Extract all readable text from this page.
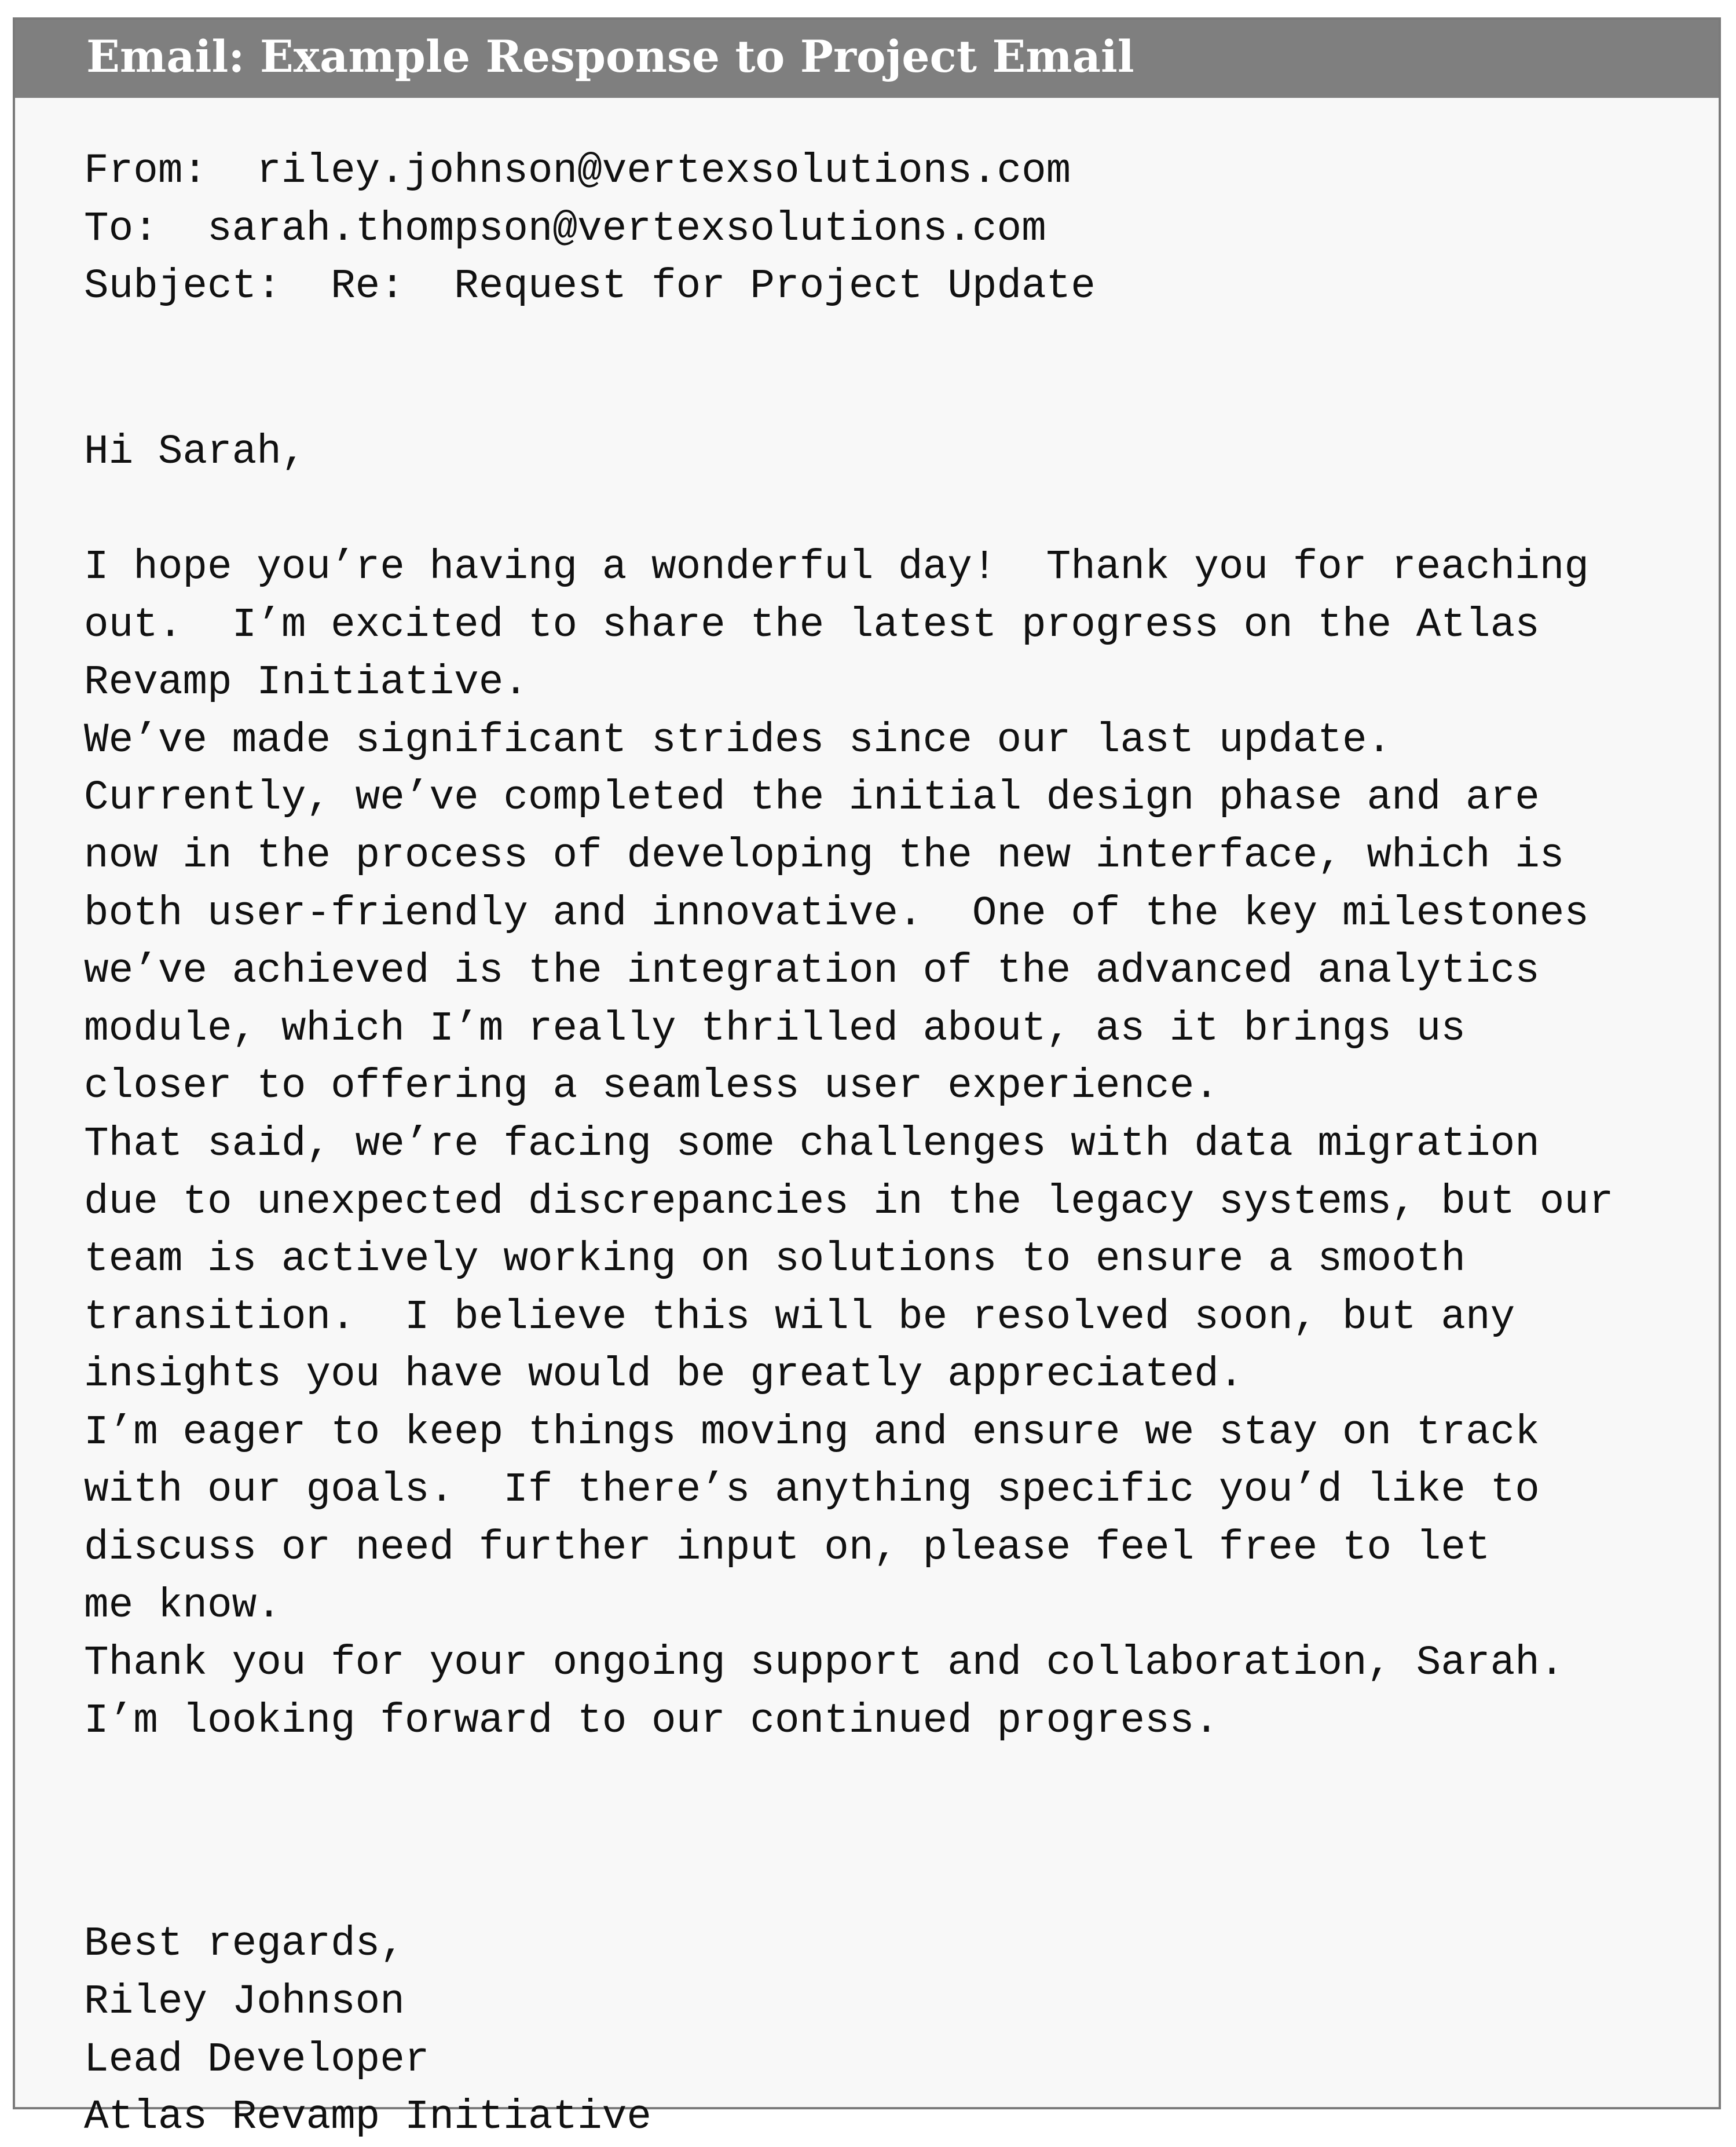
Email: Example Response to Project Email
From:  riley.johnson@vertexsolutions.com
To:  sarah.thompson@vertexsolutions.com
Subject:  Re:  Request for Project Update
Hi Sarah,
I hope you’re having a wonderful day!  Thank you for reaching
out.  I’m excited to share the latest progress on the Atlas
Revamp Initiative.
We’ve made significant strides since our last update.
Currently, we’ve completed the initial design phase and are
now in the process of developing the new interface, which is
both user-friendly and innovative.  One of the key milestones
we’ve achieved is the integration of the advanced analytics
module, which I’m really thrilled about, as it brings us
closer to offering a seamless user experience.
That said, we’re facing some challenges with data migration
due to unexpected discrepancies in the legacy systems, but our
team is actively working on solutions to ensure a smooth
transition.  I believe this will be resolved soon, but any
insights you have would be greatly appreciated.
I’m eager to keep things moving and ensure we stay on track
with our goals.  If there’s anything specific you’d like to
discuss or need further input on, please feel free to let
me know.
Thank you for your ongoing support and collaboration, Sarah.
I’m looking forward to our continued progress.
Best regards,
Riley Johnson
Lead Developer
Atlas Revamp Initiative
